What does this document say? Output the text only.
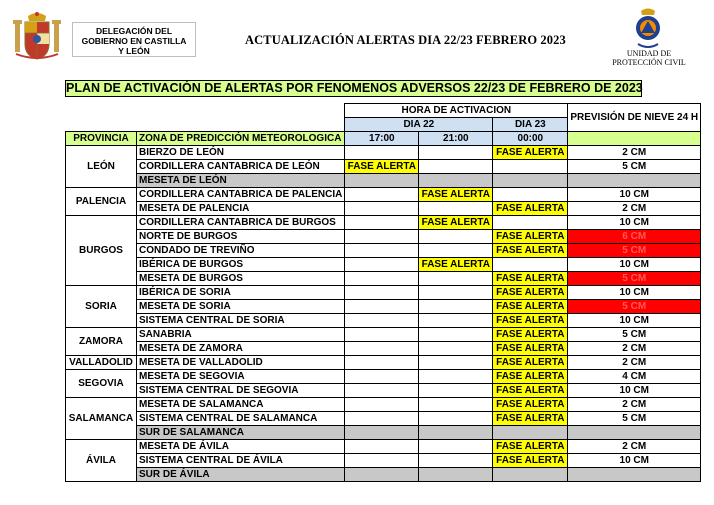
DELEGACIÓN DEL
GOBIERNO EN CASTILLA
Y LEÓN
ACTUALIZACIÓN ALERTAS DIA 22/23 FEBRERO 2023
UNIDAD DE
PROTECCIÓN CIVIL
PLAN DE ACTIVACIÓN DE ALERTAS POR FENOMENOS ADVERSOS 22/23 DE FEBRERO DE 2023
		HORA DE ACTIVACION			PREVISIÓN DE NIEVE 24 H
		DIA 22		DIA 23	
PROVINCIA	ZONA DE PREDICCIÓN METEOROLOGICA	17:00	21:00	00:00	
LEÓN	BIERZO DE LEÓN			FASE ALERTA	2 CM
	CORDILLERA CANTABRICA DE LEÓN	FASE ALERTA			5 CM
	MESETA DE LEÓN				
PALENCIA	CORDILLERA CANTABRICA DE PALENCIA		FASE ALERTA		10 CM
	MESETA DE PALENCIA			FASE ALERTA	2 CM
BURGOS	CORDILLERA CANTABRICA DE BURGOS		FASE ALERTA		10 CM
	NORTE DE BURGOS			FASE ALERTA	6 CM
	CONDADO DE TREVIÑO			FASE ALERTA	5 CM
	IBÉRICA DE BURGOS		FASE ALERTA		10 CM
	MESETA DE BURGOS			FASE ALERTA	5 CM
SORIA	IBÉRICA DE SORIA			FASE ALERTA	10 CM
	MESETA DE SORIA			FASE ALERTA	5 CM
	SISTEMA CENTRAL DE SORIA			FASE ALERTA	10 CM
ZAMORA	SANABRIA			FASE ALERTA	5 CM
	MESETA DE ZAMORA			FASE ALERTA	2 CM
VALLADOLID	MESETA DE VALLADOLID			FASE ALERTA	2 CM
SEGOVIA	MESETA DE SEGOVIA			FASE ALERTA	4 CM
	SISTEMA CENTRAL DE SEGOVIA			FASE ALERTA	10 CM
SALAMANCA	MESETA DE SALAMANCA			FASE ALERTA	2 CM
	SISTEMA CENTRAL DE SALAMANCA			FASE ALERTA	5 CM
	SUR DE SALAMANCA				
ÁVILA	MESETA DE ÁVILA			FASE ALERTA	2 CM
	SISTEMA CENTRAL DE ÁVILA			FASE ALERTA	10 CM
	SUR DE ÁVILA				
